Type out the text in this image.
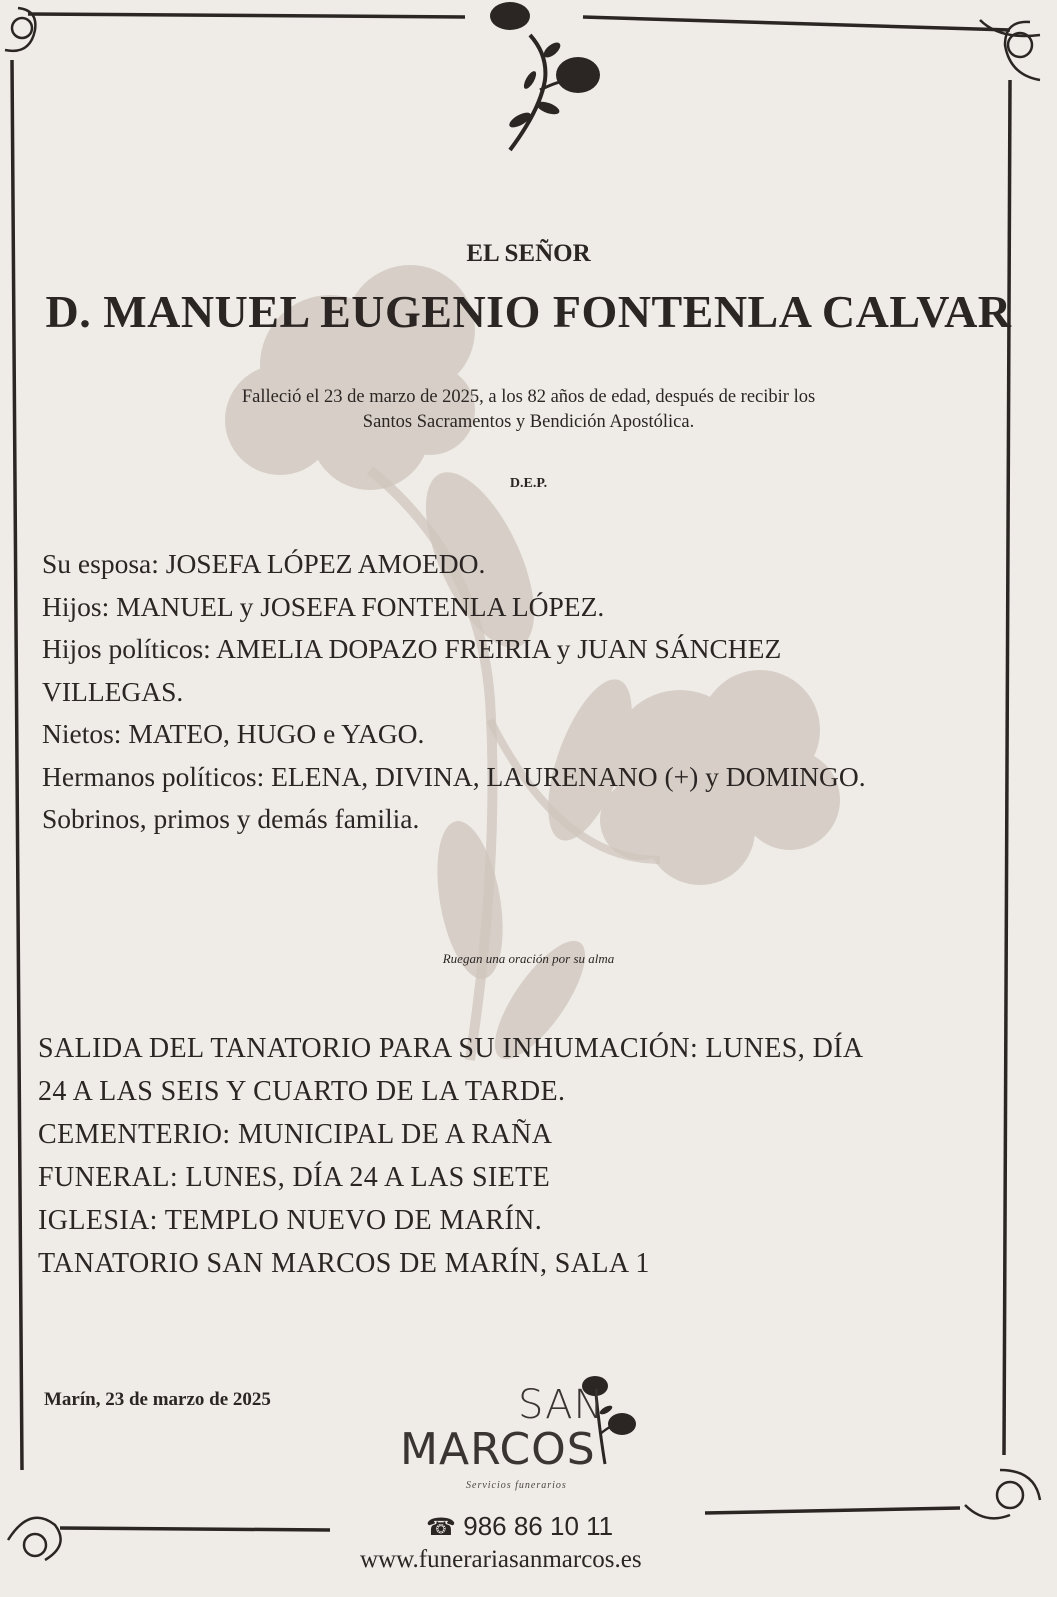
EL SEÑOR
D. MANUEL EUGENIO FONTENLA CALVAR
Falleció el 23 de marzo de 2025, a los 82 años de edad, después de recibir los
Santos Sacramentos y Bendición Apostólica.
D.E.P.
Su esposa: JOSEFA LÓPEZ AMOEDO.
Hijos: MANUEL y JOSEFA FONTENLA LÓPEZ.
Hijos políticos: AMELIA DOPAZO FREIRIA y JUAN SÁNCHEZ
VILLEGAS.
Nietos: MATEO, HUGO e YAGO.
Hermanos políticos: ELENA, DIVINA, LAURENANO (+) y DOMINGO.
Sobrinos, primos y demás familia.
Ruegan una oración por su alma
SALIDA DEL TANATORIO PARA SU INHUMACIÓN: LUNES, DÍA
24 A LAS SEIS Y CUARTO DE LA TARDE.
CEMENTERIO: MUNICIPAL DE A RAÑA
FUNERAL: LUNES, DÍA 24 A LAS SIETE
IGLESIA: TEMPLO NUEVO DE MARÍN.
TANATORIO SAN MARCOS DE MARÍN, SALA 1
Marín, 23 de marzo de 2025	SAN
MARCOS
Servicios funerarios
☎ 986 86 10 11
www.funerariasanmarcos.es
